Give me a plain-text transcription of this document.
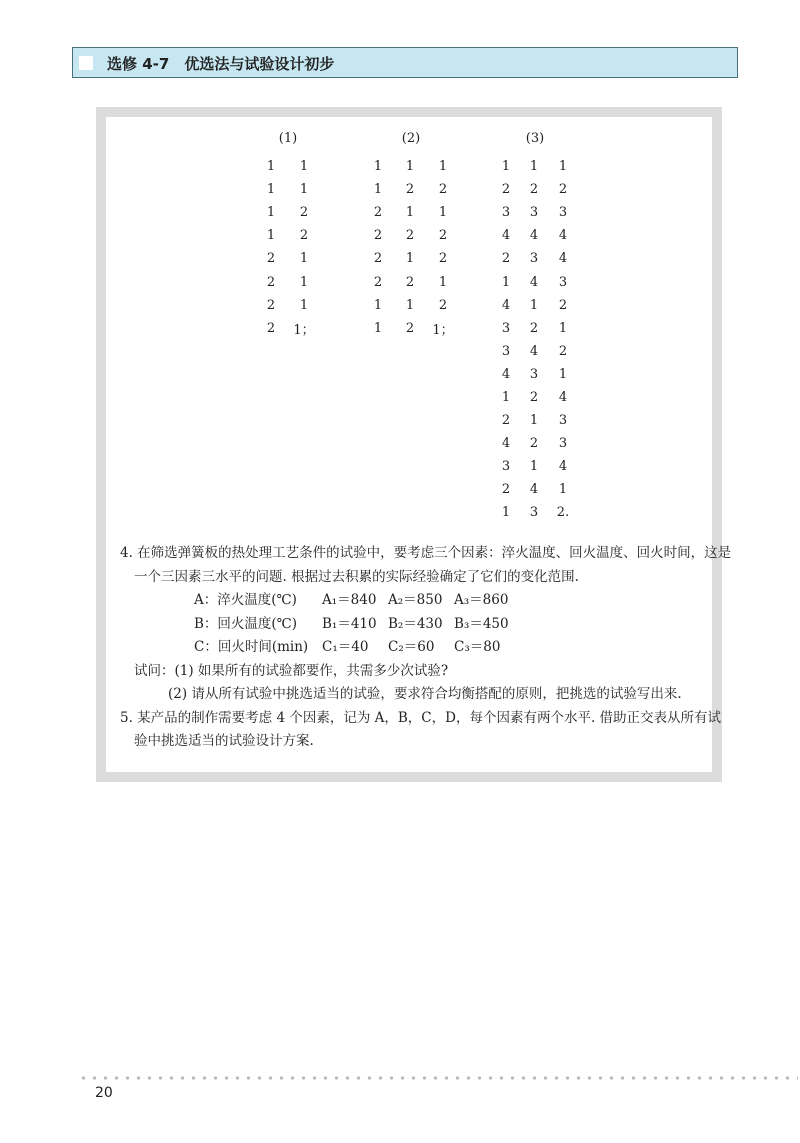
选修 4-7　优选法与试验设计初步
(1)
1	1
1	1
1	2
1	2
2	1
2	1
2	1
2	1；
(2)
1	1	1
1	2	2
2	1	1
2	2	2
2	1	2
2	2	1
1	1	2
1	2	1；
(3)
1	1	1
2	2	2
3	3	3
4	4	4
2	3	4
1	4	3
4	1	2
3	2	1
3	4	2
4	3	1
1	2	4
2	1	3
4	2	3
3	1	4
2	4	1
1	3	2.
4. 在筛选弹簧板的热处理工艺条件的试验中，要考虑三个因素：淬火温度、回火温度、回火时间，这是
一个三因素三水平的问题. 根据过去积累的实际经验确定了它们的变化范围.
A：淬火温度(℃) A₁＝840 A₂＝850 A₃＝860
B：回火温度(℃) B₁＝410 B₂＝430 B₃＝450
C：回火时间(min) C₁＝40 C₂＝60 C₃＝80
试问：(1) 如果所有的试验都要作，共需多少次试验?
(2) 请从所有试验中挑选适当的试验，要求符合均衡搭配的原则，把挑选的试验写出来.
5. 某产品的制作需要考虑 4 个因素，记为 A，B，C，D，每个因素有两个水平. 借助正交表从所有试
验中挑选适当的试验设计方案.
20
